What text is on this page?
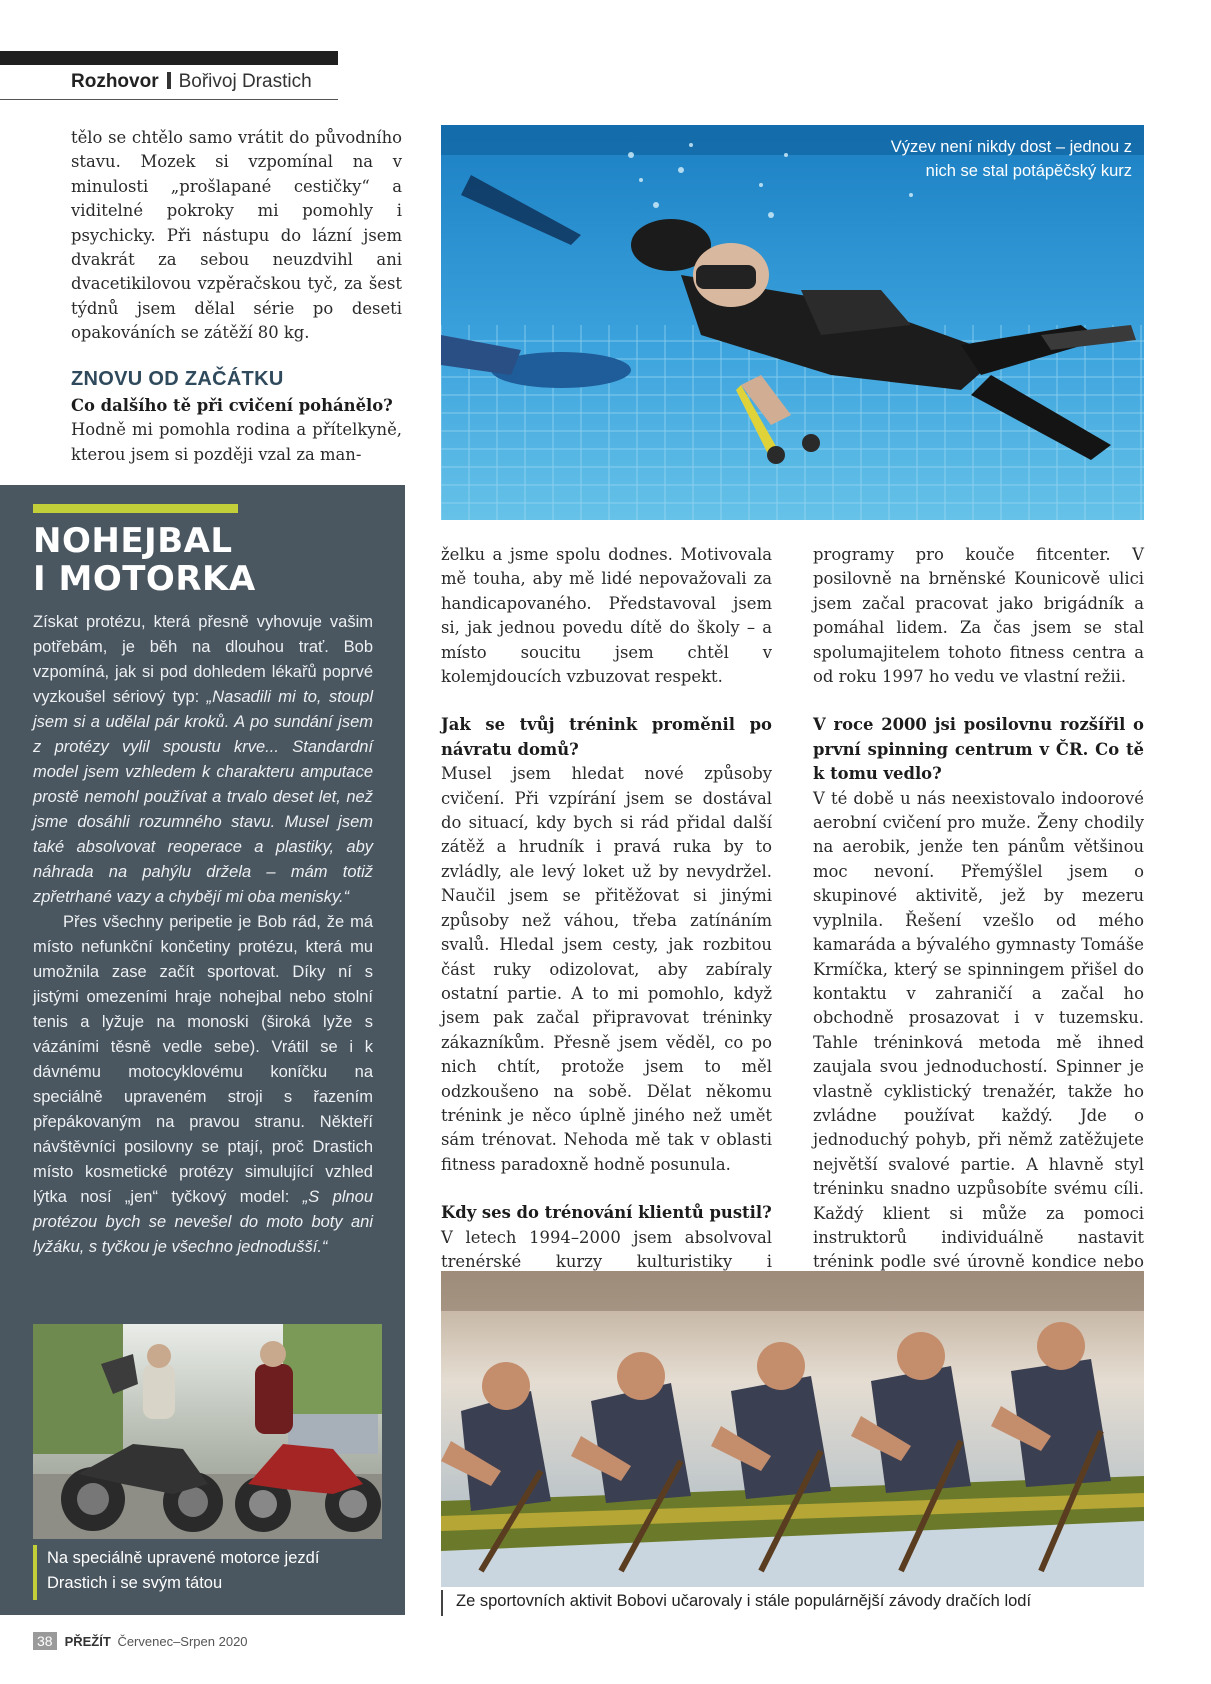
Rozhovor Bořivoj Drastich

tělo se chtělo samo vrátit do původního stavu. Mozek si vzpomínal na v minulosti „prošlapané cestičky“ a viditelné pokroky mi pomohly i psychicky. Při nástupu do lázní jsem dvakrát za sebou neuzdvihl ani dvacetikilovou vzpěračskou tyč, za šest týdnů jsem dělal série po deseti opakováních se zátěží 80 kg.

ZNOVU OD ZAČÁTKU

Co dalšího tě při cvičení pohánělo?

Hodně mi pomohla rodina a přítelkyně, kterou jsem si později vzal za man-

NOHEJBAL
I MOTORKA

Získat protézu, která přesně vyhovuje vašim potřebám, je běh na dlouhou trať. Bob vzpomíná, jak si pod dohledem lékařů poprvé vyzkoušel sériový typ: „Nasadili mi to, stoupl jsem si a udělal pár kroků. A po sundání jsem z protézy vylil spoustu krve... Standardní model jsem vzhledem k charakteru amputace prostě nemohl používat a trvalo deset let, než jsme dosáhli rozumného stavu. Musel jsem také absolvovat reoperace a plastiky, aby náhrada na pahýlu držela – mám totiž zpřetrhané vazy a chybějí mi oba menisky.“

Přes všechny peripetie je Bob rád, že má místo nefunkční končetiny protézu, která mu umožnila zase začít sportovat. Díky ní s jistými omezeními hraje nohejbal nebo stolní tenis a lyžuje na monoski (široká lyže s vázáními těsně vedle sebe). Vrátil se i k dávnému motocyklovému koníčku na speciálně upraveném stroji s řazením přepákovaným na pravou stranu. Někteří návštěvníci posilovny se ptají, proč Drastich místo kosmetické protézy simulující vzhled lýtka nosí „jen“ tyčkový model: „S plnou protézou bych se nevešel do moto boty ani lyžáku, s tyčkou je všechno jednodušší.“

Na speciálně upravené motorce jezdí Drastich i se svým tátou
Výzev není nikdy dost – jednou z nich se stal potápěčský kurz

želku a jsme spolu dodnes. Motivovala mě touha, aby mě lidé nepovažovali za handicapovaného. Představoval jsem si, jak jednou povedu dítě do školy – a místo soucitu jsem chtěl v kolemjdoucích vzbuzovat respekt.

Jak se tvůj trénink proměnil po návratu domů?

Musel jsem hledat nové způsoby cvičení. Při vzpírání jsem se dostával do situací, kdy bych si rád přidal další zátěž a hrudník i pravá ruka by to zvládly, ale levý loket už by nevydržel. Naučil jsem se přitěžovat si jinými způsoby než váhou, třeba zatínáním svalů. Hledal jsem cesty, jak rozbitou část ruky odizolovat, aby zabíraly ostatní partie. A to mi pomohlo, když jsem pak začal připravovat tréninky zákazníkům. Přesně jsem věděl, co po nich chtít, protože jsem to měl odzkoušeno na sobě. Dělat někomu trénink je něco úplně jiného než umět sám trénovat. Nehoda mě tak v oblasti fitness paradoxně hodně posunula.

Kdy ses do trénování klientů pustil?

V letech 1994–2000 jsem absolvoval trenérské kurzy kulturistiky i

programy pro kouče fitcenter. V posilovně na brněnské Kounicově ulici jsem začal pracovat jako brigádník a pomáhal lidem. Za čas jsem se stal spolumajitelem tohoto fitness centra a od roku 1997 ho vedu ve vlastní režii.

V roce 2000 jsi posilovnu rozšířil o první spinning centrum v ČR. Co tě k tomu vedlo?

V té době u nás neexistovalo indoorové aerobní cvičení pro muže. Ženy chodily na aerobik, jenže ten pánům většinou moc nevoní. Přemýšlel jsem o skupinové aktivitě, jež by mezeru vyplnila. Řešení vzešlo od mého kamaráda a bývalého gymnasty Tomáše Krmíčka, který se spinningem přišel do kontaktu v zahraničí a začal ho obchodně prosazovat i v tuzemsku. Tahle tréninková metoda mě ihned zaujala svou jednoduchostí. Spinner je vlastně cyklistický trenažér, takže ho zvládne používat každý. Jde o jednoduchý pohyb, při němž zatěžujete největší svalové partie. A hlavně styl tréninku snadno uzpůsobíte svému cíli. Každý klient si může za pomoci instruktorů individuálně nastavit trénink podle své úrovně kondice nebo

Ze sportovních aktivit Bobovi učarovaly i stále populárnější závody dračích lodí
38 PŘEŽÍT Červenec–Srpen 2020
